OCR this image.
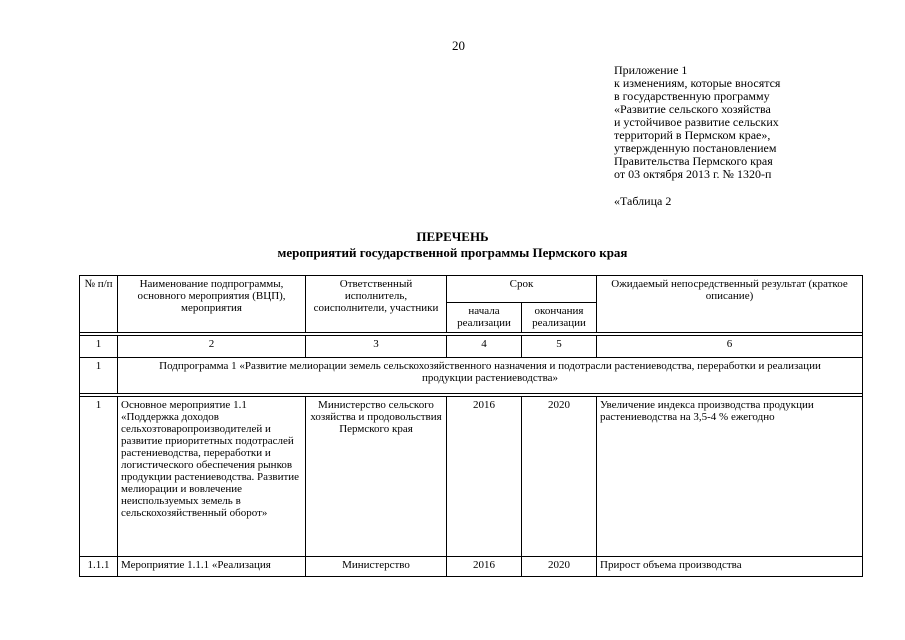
20
Приложение 1
к изменениям, которые вносятся
в государственную программу
«Развитие сельского хозяйства
и устойчивое развитие сельских
территорий в Пермском крае»,
утвержденную постановлением
Правительства Пермского края
от 03 октября 2013 г. № 1320-п
«Таблица 2
ПЕРЕЧЕНЬ
мероприятий государственной программы Пермского края
№ п/п	Наименование подпрограммы, основного мероприятия (ВЦП), мероприятия	Ответственный исполнитель, соисполнители, участники	Срок		Ожидаемый непосредственный результат (краткое описание)
			начала реализации	окончания реализации	

1	2	3	4	5	6
1	Подпрограмма 1 «Развитие мелиорации земель сельскохозяйственного назначения и подотрасли растениеводства, переработки и реализации продукции растениеводства»				

1	Основное мероприятие 1.1 «Поддержка доходов сельхозтоваропроизводителей и развитие приоритетных подотраслей растениеводства, переработки и логистического обеспечения рынков продукции растениеводства. Развитие мелиорации и вовлечение неиспользуемых земель в сельскохозяйственный оборот»	Министерство сельского хозяйства и продовольствия Пермского края	2016	2020	Увеличение индекса производства продукции растениеводства на 3,5-4 % ежегодно
1.1.1	Мероприятие 1.1.1 «Реализация	Министерство	2016	2020	Прирост объема производства
